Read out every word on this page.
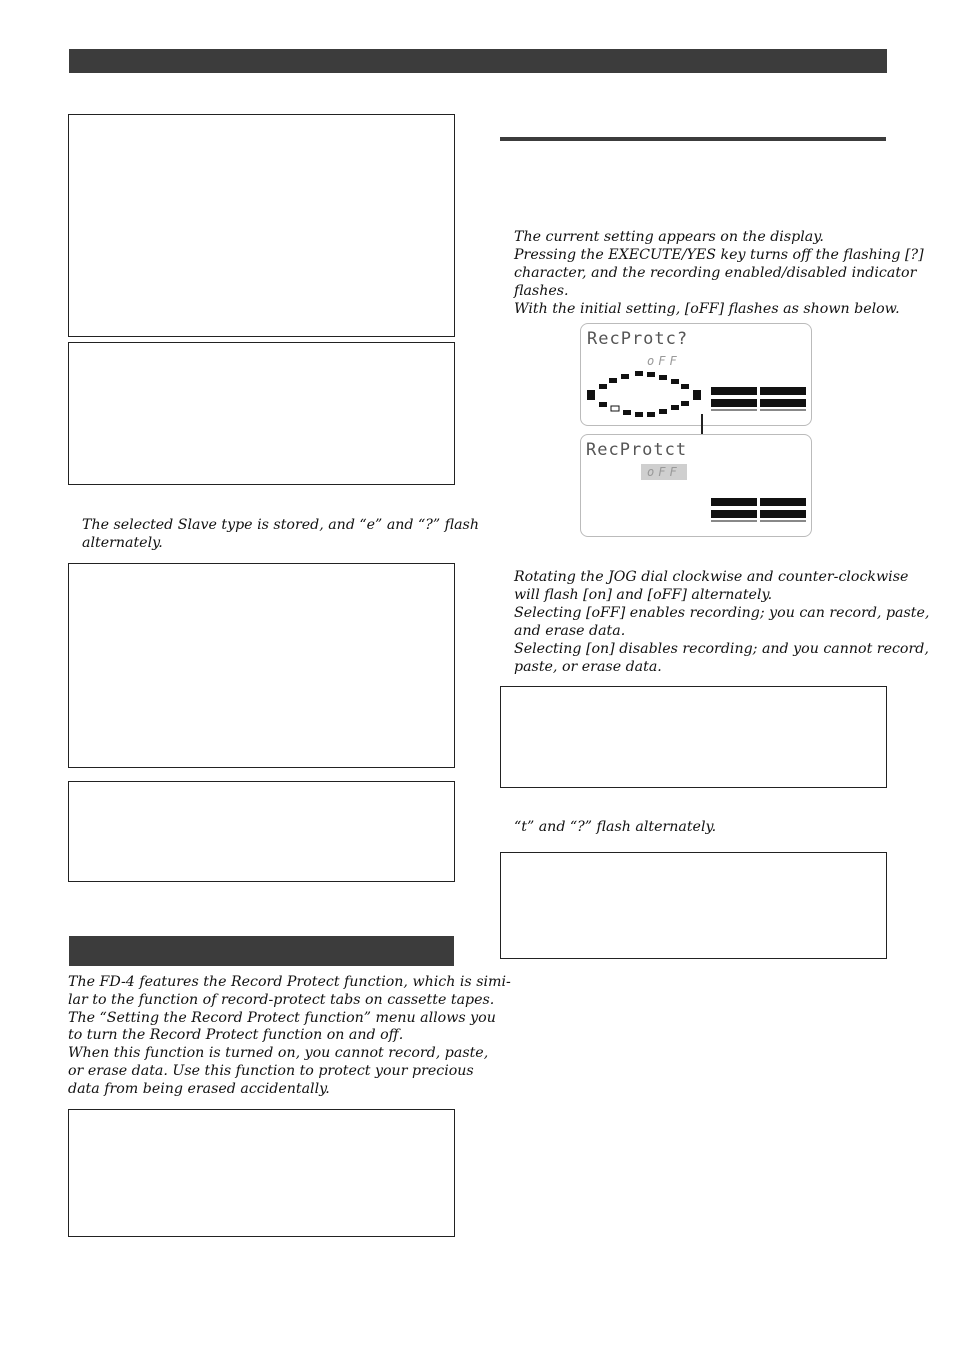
The selected Slave type is stored, and “e” and “?” flash
alternately.

The FD-4 features the Record Protect function, which is simi-
lar to the function of record-protect tabs on cassette tapes.
The “Setting the Record Protect function” menu allows you
to turn the Record Protect function on and off.
When this function is turned on, you cannot record, paste,
or erase data. Use this function to protect your precious
data from being erased accidentally.

The current setting appears on the display.
Pressing the EXECUTE/YES key turns off the flashing [?]
character, and the recording enabled/disabled indicator
flashes.
With the initial setting, [oFF] flashes as shown below.

RecProtc?
oFF
RecProtct
oFF

Rotating the JOG dial clockwise and counter-clockwise
will flash [on] and [oFF] alternately.
Selecting [oFF] enables recording; you can record, paste,
and erase data.
Selecting [on] disables recording; and you cannot record,
paste, or erase data.

“t” and “?” flash alternately.
